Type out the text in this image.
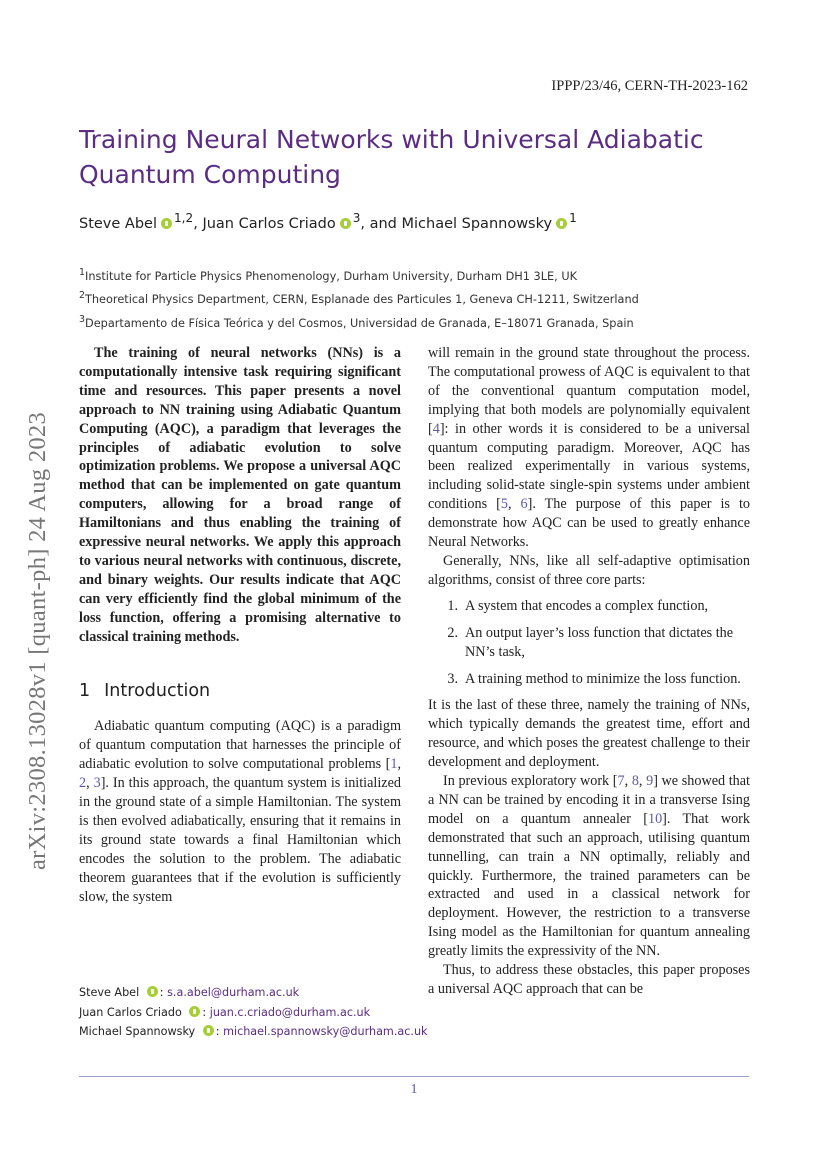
IPPP/23/46, CERN-TH-2023-162
Training Neural Networks with Universal Adiabatic Quantum Computing
Steve Abel $^{1,2}$, Juan Carlos Criado $^3$, and Michael Spannowsky $^1$
$^1$Institute for Particle Physics Phenomenology, Durham University, Durham DH1 3LE, UK
$^2$Theoretical Physics Department, CERN, Esplanade des Particules 1, Geneva CH-1211, Switzerland
$^3$Departamento de Física Teórica y del Cosmos, Universidad de Granada, E–18071 Granada, Spain
arXiv:2308.13028v1 [quant-ph] 24 Aug 2023

The training of neural networks (NNs) is a computationally intensive task requiring significant time and resources. This paper presents a novel approach to NN training using Adiabatic Quantum Computing (AQC), a paradigm that leverages the principles of adiabatic evolution to solve optimization problems. We propose a universal AQC method that can be implemented on gate quantum computers, allowing for a broad range of Hamiltonians and thus enabling the training of expressive neural networks. We apply this approach to various neural networks with continuous, discrete, and binary weights. Our results indicate that AQC can very efficiently find the global minimum of the loss function, offering a promising alternative to classical training methods.

1 Introduction

Adiabatic quantum computing (AQC) is a paradigm of quantum computation that harnesses the principle of adiabatic evolution to solve computational problems [1, 2, 3]. In this approach, the quantum system is initialized in the ground state of a simple Hamiltonian. The system is then evolved adiabatically, ensuring that it remains in its ground state towards a final Hamiltonian which encodes the solution to the problem. The adiabatic theorem guarantees that if the evolution is sufficiently slow, the system

Steve Abel : s.a.abel@durham.ac.uk
Juan Carlos Criado : juan.c.criado@durham.ac.uk
Michael Spannowsky : michael.spannowsky@durham.ac.uk

will remain in the ground state throughout the process. The computational prowess of AQC is equivalent to that of the conventional quantum computation model, implying that both models are polynomially equivalent [4]: in other words it is considered to be a universal quantum computing paradigm. Moreover, AQC has been realized experimentally in various systems, including solid-state single-spin systems under ambient conditions [5, 6]. The purpose of this paper is to demonstrate how AQC can be used to greatly enhance Neural Networks.

Generally, NNs, like all self-adaptive optimisation algorithms, consist of three core parts:

1. A system that encodes a complex function,
2. An output layer’s loss function that dictates the NN’s task,
3. A training method to minimize the loss function.

It is the last of these three, namely the training of NNs, which typically demands the greatest time, effort and resource, and which poses the greatest challenge to their development and deployment.

In previous exploratory work [7, 8, 9] we showed that a NN can be trained by encoding it in a transverse Ising model on a quantum annealer [10]. That work demonstrated that such an approach, utilising quantum tunnelling, can train a NN optimally, reliably and quickly. Furthermore, the trained parameters can be extracted and used in a classical network for deployment. However, the restriction to a transverse Ising model as the Hamiltonian for quantum annealing greatly limits the expressivity of the NN.

Thus, to address these obstacles, this paper proposes a universal AQC approach that can be

1
